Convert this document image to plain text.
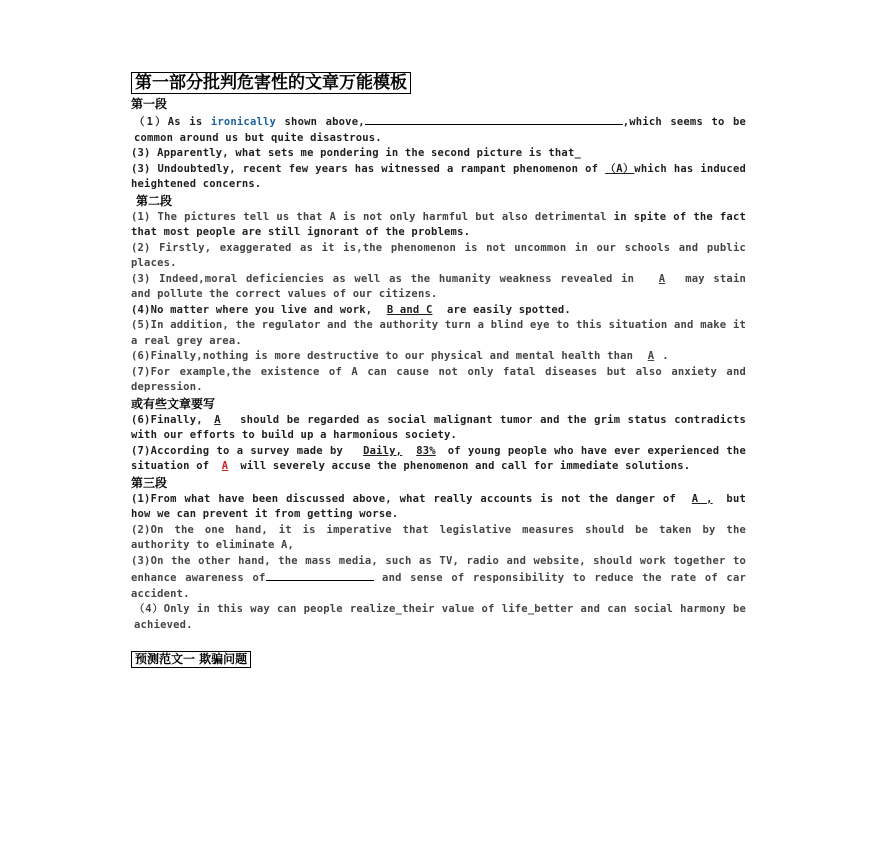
第一部分批判危害性的文章万能模板
第一段
（1）As is ironically shown above,	,which seems to be common around us but quite disastrous.
(3) Apparently, what sets me pondering in the second picture is that_
(3) Undoubtedly, recent few years has witnessed a rampant phenomenon of （A）which has induced heightened concerns.
第二段
(1) The pictures tell us that A is not only harmful but also detrimental in spite of the fact that most people are still ignorant of the problems.
(2) Firstly, exaggerated as it is,the phenomenon is not uncommon in our schools and public places.
(3) Indeed,moral deficiencies as well as the humanity weakness revealed in A may stain and pollute the correct values of our citizens.
(4)No matter where you live and work, B and C are easily spotted.
(5)In addition, the regulator and the authority turn a blind eye to this situation and make it a real grey area.
(6)Finally,nothing is more destructive to our physical and mental health than A .
(7)For example,the existence of A can cause not only fatal diseases but also anxiety and depression.
或有些文章要写
(6)Finally, A should be regarded as social malignant tumor and the grim status contradicts with our efforts to build up a harmonious society.
(7)According to a survey made by Daily, 83% of young people who have ever experienced the situation of A will severely accuse the phenomenon and call for immediate solutions.
第三段
(1)From what have been discussed above, what really accounts is not the danger of A , but how we can prevent it from getting worse.
(2)On the one hand, it is imperative that legislative measures should be taken by the authority to eliminate A,
(3)On the other hand, the mass media, such as TV, radio and website, should work together to enhance awareness of	and sense of responsibility to reduce the rate of car accident.
（4）Only in this way can people realize_their value of life_better and can social harmony be achieved.
预测范文一 欺骗问题
